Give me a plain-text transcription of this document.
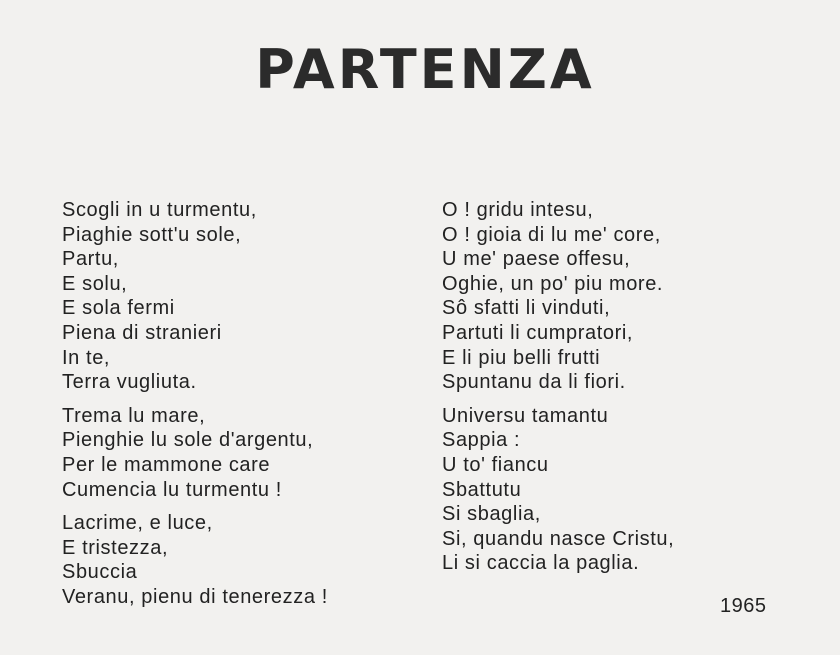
PARTENZA
Scogli in u turmentu,
Piaghie sott'u sole,
Partu,
E solu,
E sola fermi
Piena di stranieri
In te,
Terra vugliuta.
Trema lu mare,
Pienghie lu sole d'argentu,
Per le mammone care
Cumencia lu turmentu !
Lacrime, e luce,
E tristezza,
Sbuccia
Veranu, pienu di tenerezza !
O ! gridu intesu,
O ! gioia di lu me' core,
U me' paese offesu,
Oghie, un po' piu more.
Sô sfatti li vinduti,
Partuti li cumpratori,
E li piu belli frutti
Spuntanu da li fiori.
Universu tamantu
Sappia :
U to' fiancu
Sbattutu
Si sbaglia,
Si, quandu nasce Cristu,
Li si caccia la paglia.
1965
